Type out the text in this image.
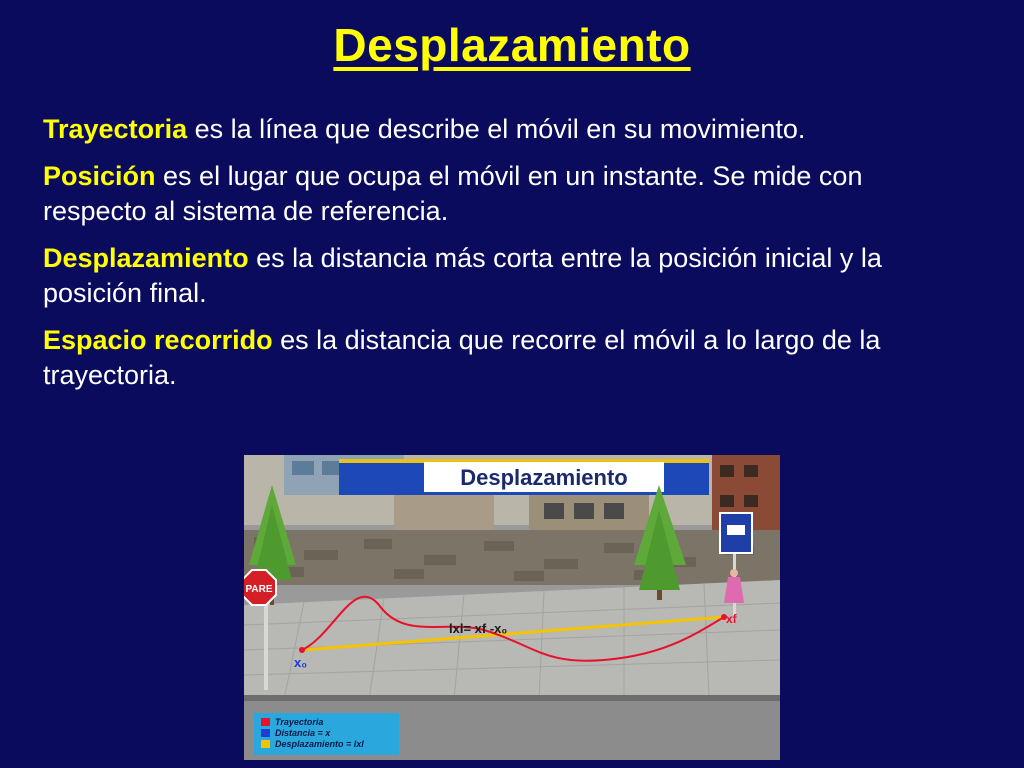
Desplazamiento

Trayectoria es la línea que describe el móvil en su movimiento.

Posición es el lugar que ocupa el móvil en un instante. Se mide con respecto al sistema de referencia.

Desplazamiento es la distancia más corta entre la posición inicial y la posición final.

Espacio recorrido es la distancia que recorre el móvil a lo largo de la trayectoria.

Desplazamiento
PARE
x₀
xf
lxl= xf -x₀
Trayectoria
Distancia = x
Desplazamiento = lxl
